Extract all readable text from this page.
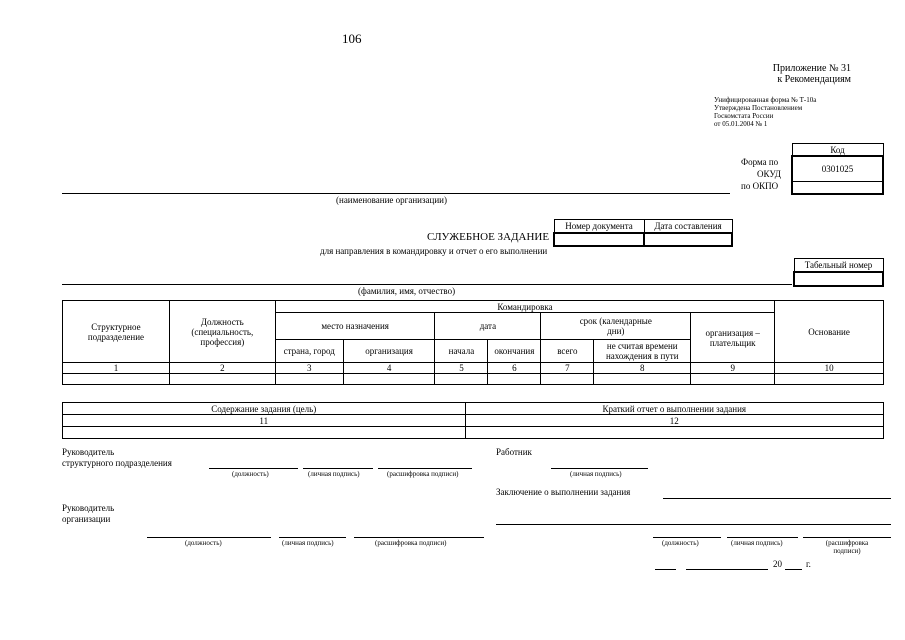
106
Приложение № 31
к Рекомендациям
Унифицированная форма № Т-10а
Утверждена Постановлением
Госкомстата России
от 05.01.2004 № 1
Код
0301025

Форма по
ОКУД
по ОКПО
(наименование организации)
Номер документа	Дата составления

СЛУЖЕБНОЕ ЗАДАНИЕ
для направления в командировку и отчет о его выполнении
Табельный номер

(фамилия, имя, отчество)
Структурное подразделение	Должность (специальность, профессия)	Командировка							Основание
		место назначения		дата		срок (календарные дни)		организация – плательщик	
		страна, город	организация	начала	окончания	всего	не считая времени нахождения в пути		
1	2	3	4	5	6	7	8	9	10

Содержание задания (цель)	Краткий отчет о выполнении задания
11	12

Руководитель
структурного подразделения
(должность)	(личная подпись)	(расшифровка подписи)
Работник
(личная подпись)
Заключение о выполнении задания
Руководитель
организации
(должность)	(личная подпись)	(расшифровка подписи)	(должность)	(личная подпись)	(расшифровка
подписи)
20	г.
